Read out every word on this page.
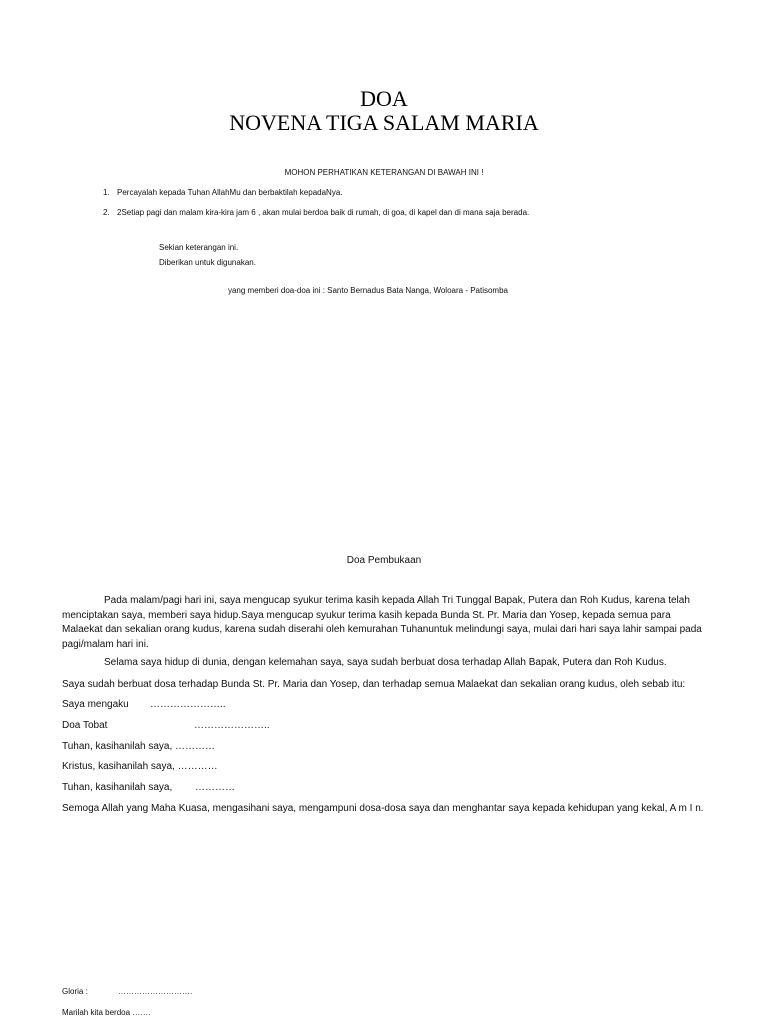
DOA
NOVENA TIGA SALAM MARIA
MOHON PERHATIKAN KETERANGAN DI BAWAH INI !
1. Percayalah kepada Tuhan AllahMu dan berbaktilah kepadaNya.
2. 2Setiap pagi dan malam kira-kira jam 6 , akan mulai berdoa baik di rumah, di goa, di kapel dan di mana saja berada.
Sekian keterangan ini.
Diberikan untuk digunakan.
yang memberi doa-doa ini : Santo Bernadus Bata Nanga, Woloara - Patisomba
Doa Pembukaan
Pada malam/pagi hari ini, saya mengucap syukur terima kasih kepada Allah Tri Tunggal Bapak, Putera dan Roh Kudus, karena telah menciptakan saya, memberi saya hidup.Saya mengucap syukur terima kasih kepada Bunda St. Pr. Maria dan Yosep, kepada semua para Malaekat dan sekalian orang kudus, karena sudah diserahi oleh kemurahan Tuhanuntuk melindungi saya, mulai dari hari saya lahir sampai pada pagi/malam hari ini.
Selama saya hidup di dunia, dengan kelemahan saya, saya sudah berbuat dosa terhadap Allah Bapak, Putera dan Roh Kudus.
Saya sudah berbuat dosa terhadap Bunda St. Pr. Maria dan Yosep, dan terhadap semua Malaekat dan sekalian orang kudus, oleh sebab itu:
Saya mengaku …………………..
Doa Tobat	…………………..
Tuhan, kasihanilah saya, …………
Kristus, kasihanilah saya, …………
Tuhan, kasihanilah saya, …………
Semoga Allah yang Maha Kuasa, mengasihani saya, mengampuni dosa-dosa saya dan menghantar saya kepada kehidupan yang kekal, A m I n.
Gloria :	……………………….
Marilah kita berdoa …….
